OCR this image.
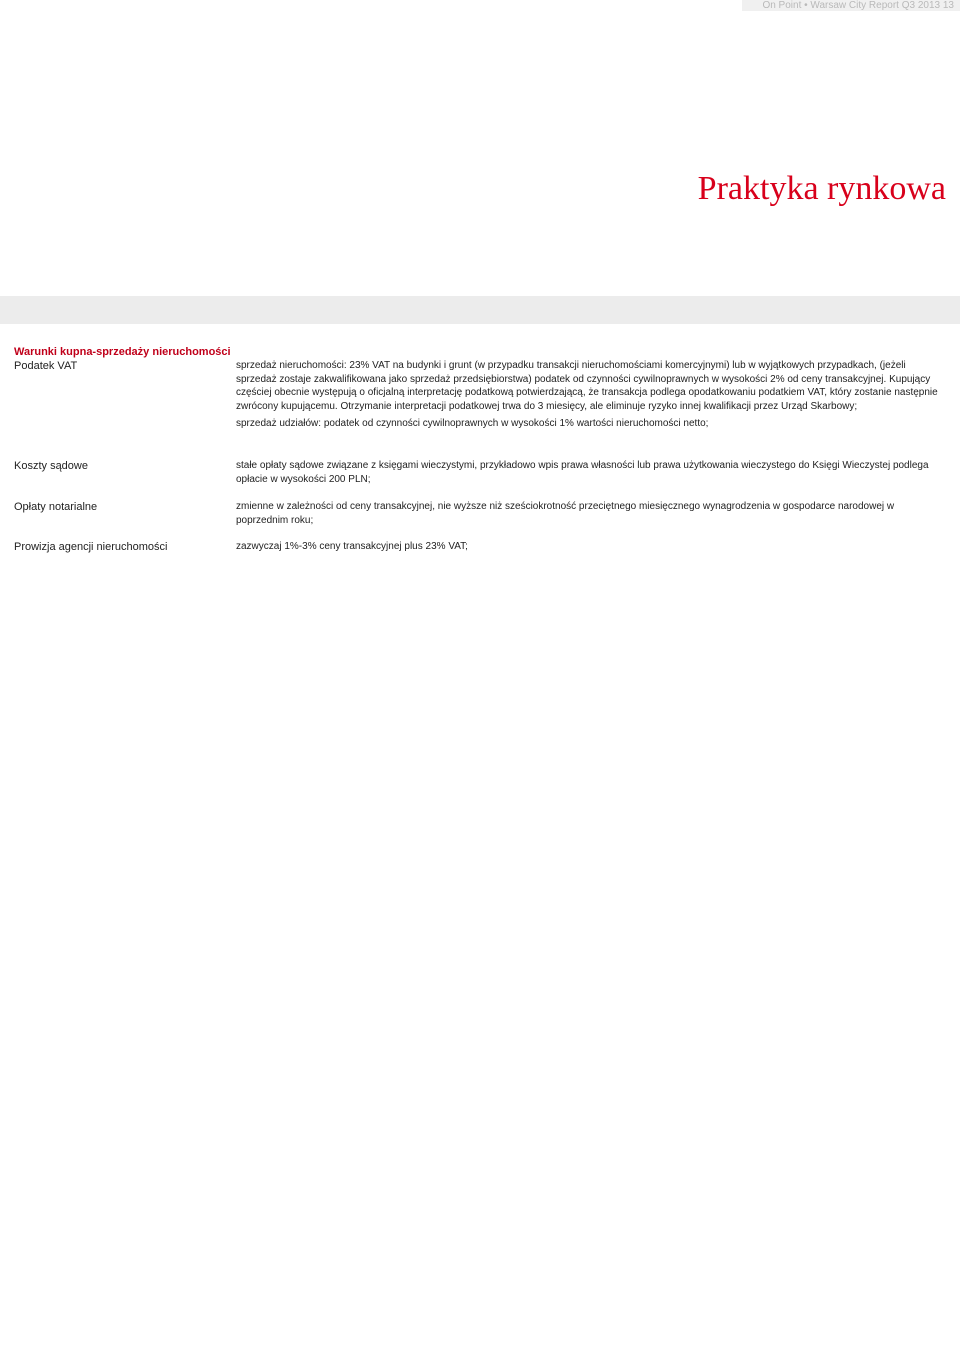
On Point • Warsaw City Report Q3 2013 13
Praktyka rynkowa
Warunki kupna-sprzedaży nieruchomości
Podatek VAT	sprzedaż nieruchomości: 23% VAT na budynki i grunt (w przypadku transakcji nieruchomościami komercyjnymi) lub w wyjątkowych przypadkach, (jeżeli sprzedaż zostaje zakwalifikowana jako sprzedaż przedsiębiorstwa) podatek od czynności cywilnoprawnych w wysokości 2% od ceny transakcyjnej. Kupujący częściej obecnie występują o oficjalną interpretację podatkową potwierdzającą, że transakcja podlega opodatkowaniu podatkiem VAT, który zostanie następnie zwrócony kupującemu. Otrzymanie interpretacji podatkowej trwa do 3 miesięcy, ale eliminuje ryzyko innej kwalifikacji przez Urząd Skarbowy;

sprzedaż udziałów: podatek od czynności cywilnoprawnych w wysokości 1% wartości nieruchomości netto;

Koszty sądowe	stałe opłaty sądowe związane z księgami wieczystymi, przykładowo wpis prawa własności lub prawa użytkowania wieczystego do Księgi Wieczystej podlega opłacie w wysokości 200 PLN;
Opłaty notarialne	zmienne w zależności od ceny transakcyjnej, nie wyższe niż sześciokrotność przeciętnego miesięcznego wynagrodzenia w gospodarce narodowej w poprzednim roku;
Prowizja agencji nieruchomości	zazwyczaj 1%-3% ceny transakcyjnej plus 23% VAT;
